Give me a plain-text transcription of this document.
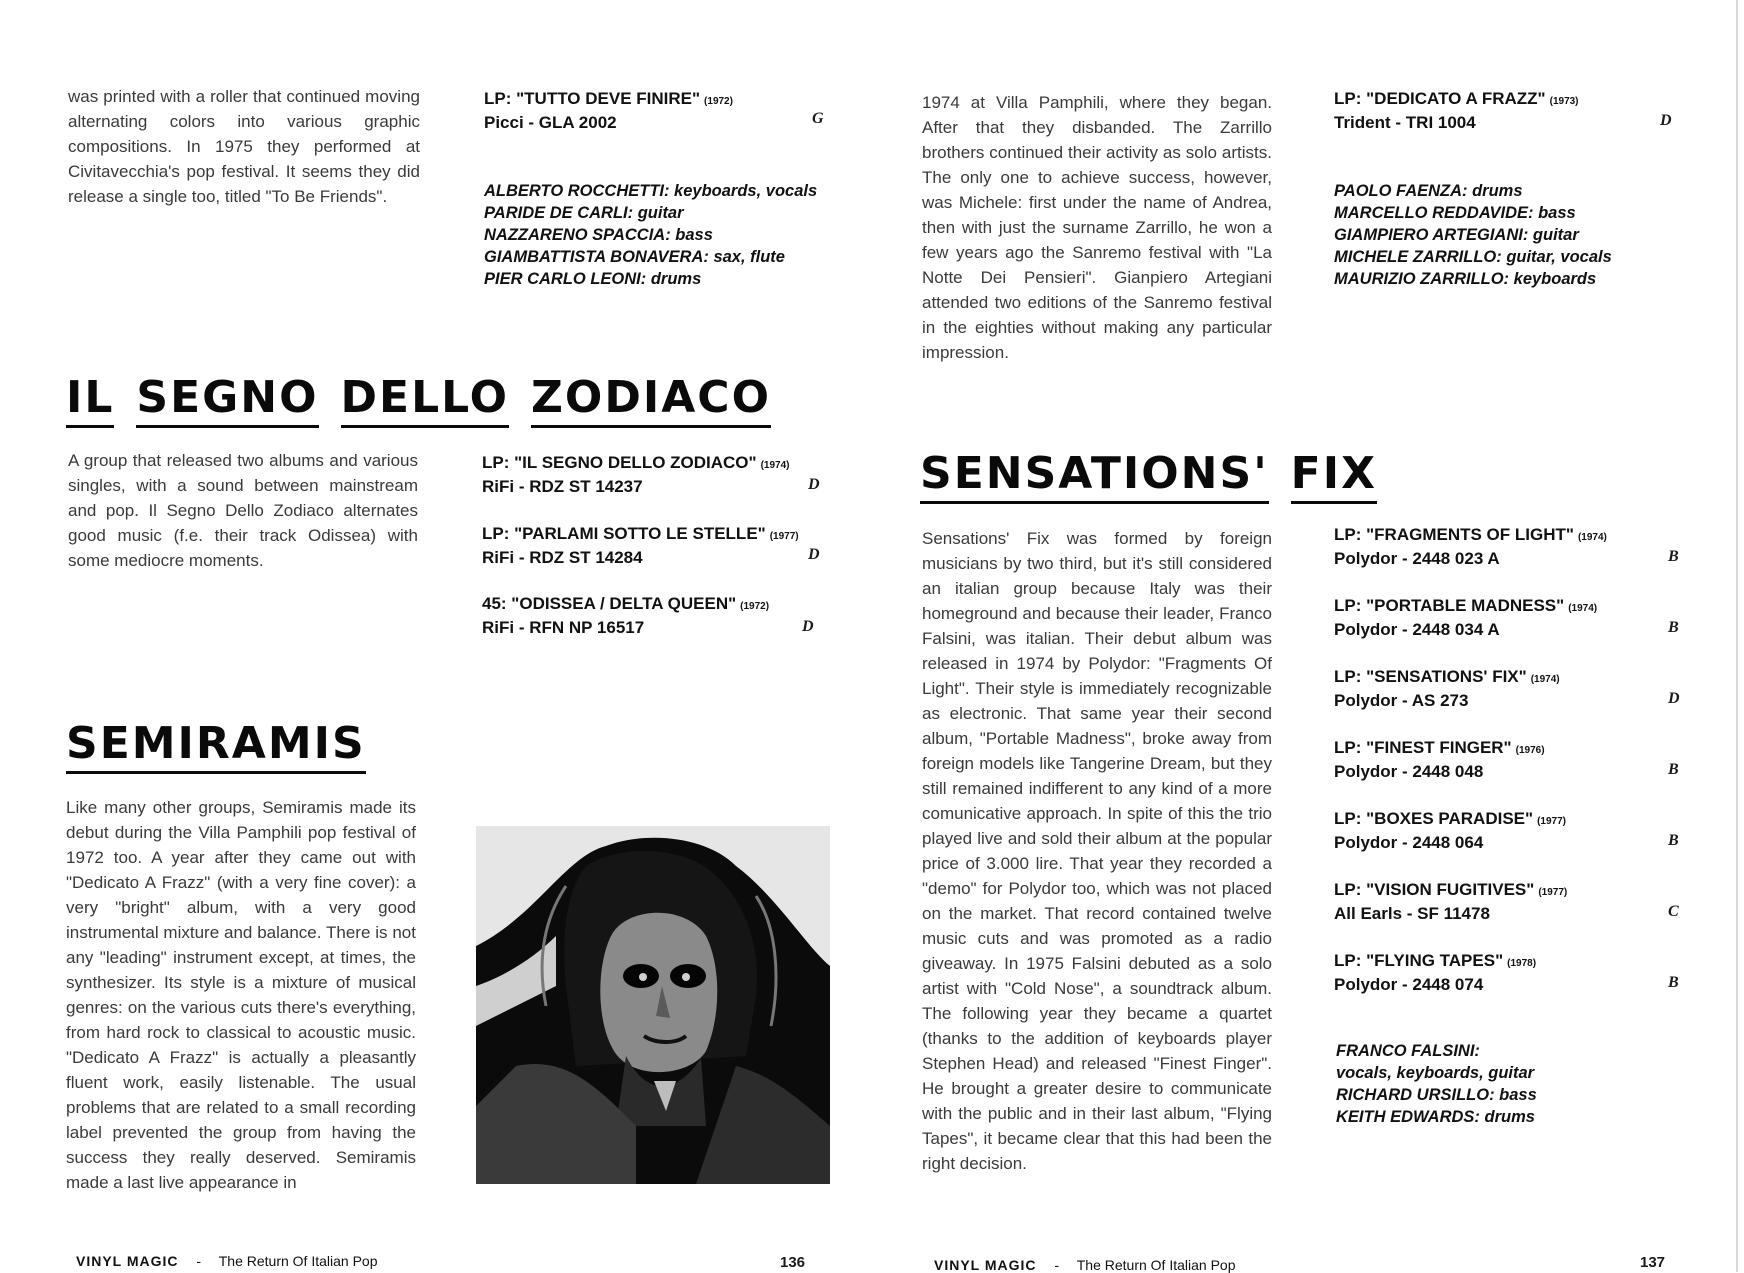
was printed with a roller that continued moving alternating colors into various graphic compositions. In 1975 they performed at Civitavecchia's pop festival. It seems they did release a single too, titled "To Be Friends".
LP: "TUTTO DEVE FINIRE" (1972)
Picci - GLA 2002	G
ALBERTO ROCCHETTI: keyboards, vocals
PARIDE DE CARLI: guitar
NAZZARENO SPACCIA: bass
GIAMBATTISTA BONAVERA: sax, flute
PIER CARLO LEONI: drums
IL SEGNO DELLO ZODIACO
A group that released two albums and various singles, with a sound between mainstream and pop. Il Segno Dello Zodiaco alternates good music (f.e. their track Odissea) with some mediocre moments.
LP: "IL SEGNO DELLO ZODIACO" (1974)
RiFi - RDZ ST 14237	D
LP: "PARLAMI SOTTO LE STELLE" (1977)
RiFi - RDZ ST 14284	D
45: "ODISSEA / DELTA QUEEN" (1972)
RiFi - RFN NP 16517	D
SEMIRAMIS
Like many other groups, Semiramis made its debut during the Villa Pamphili pop festival of 1972 too. A year after they came out with "Dedicato A Frazz" (with a very fine cover): a very "bright" album, with a very good instrumental mixture and balance. There is not any "leading" instrument except, at times, the synthesizer. Its style is a mixture of musical genres: on the various cuts there's everything, from hard rock to classical to acoustic music. "Dedicato A Frazz" is actually a pleasantly fluent work, easily listenable. The usual problems that are related to a small recording label prevented the group from having the success they really deserved. Semiramis made a last live appearance in
VINYL MAGIC - The Return Of Italian Pop	136
1974 at Villa Pamphili, where they began. After that they disbanded. The Zarrillo brothers continued their activity as solo artists. The only one to achieve success, however, was Michele: first under the name of Andrea, then with just the surname Zarrillo, he won a few years ago the Sanremo festival with "La Notte Dei Pensieri". Gianpiero Artegiani attended two editions of the Sanremo festival in the eighties without making any particular impression.
LP: "DEDICATO A FRAZZ" (1973)
Trident - TRI 1004	D
PAOLO FAENZA: drums
MARCELLO REDDAVIDE: bass
GIAMPIERO ARTEGIANI: guitar
MICHELE ZARRILLO: guitar, vocals
MAURIZIO ZARRILLO: keyboards
SENSATIONS' FIX
Sensations' Fix was formed by foreign musicians by two third, but it's still considered an italian group because Italy was their homeground and because their leader, Franco Falsini, was italian. Their debut album was released in 1974 by Polydor: "Fragments Of Light". Their style is immediately recognizable as electronic. That same year their second album, "Portable Madness", broke away from foreign models like Tangerine Dream, but they still remained indifferent to any kind of a more comunicative approach. In spite of this the trio played live and sold their album at the popular price of 3.000 lire. That year they recorded a "demo" for Polydor too, which was not placed on the market. That record contained twelve music cuts and was promoted as a radio giveaway. In 1975 Falsini debuted as a solo artist with "Cold Nose", a soundtrack album. The following year they became a quartet (thanks to the addition of keyboards player Stephen Head) and released "Finest Finger". He brought a greater desire to communicate with the public and in their last album, "Flying Tapes", it became clear that this had been the right decision.
LP: "FRAGMENTS OF LIGHT" (1974)
Polydor - 2448 023 A	B
LP: "PORTABLE MADNESS" (1974)
Polydor - 2448 034 A	B
LP: "SENSATIONS' FIX" (1974)
Polydor - AS 273	D
LP: "FINEST FINGER" (1976)
Polydor - 2448 048	B
LP: "BOXES PARADISE" (1977)
Polydor - 2448 064	B
LP: "VISION FUGITIVES" (1977)
All Earls - SF 11478	C
LP: "FLYING TAPES" (1978)
Polydor - 2448 074	B
FRANCO FALSINI:
vocals, keyboards, guitar
RICHARD URSILLO: bass
KEITH EDWARDS: drums
VINYL MAGIC - The Return Of Italian Pop	137
